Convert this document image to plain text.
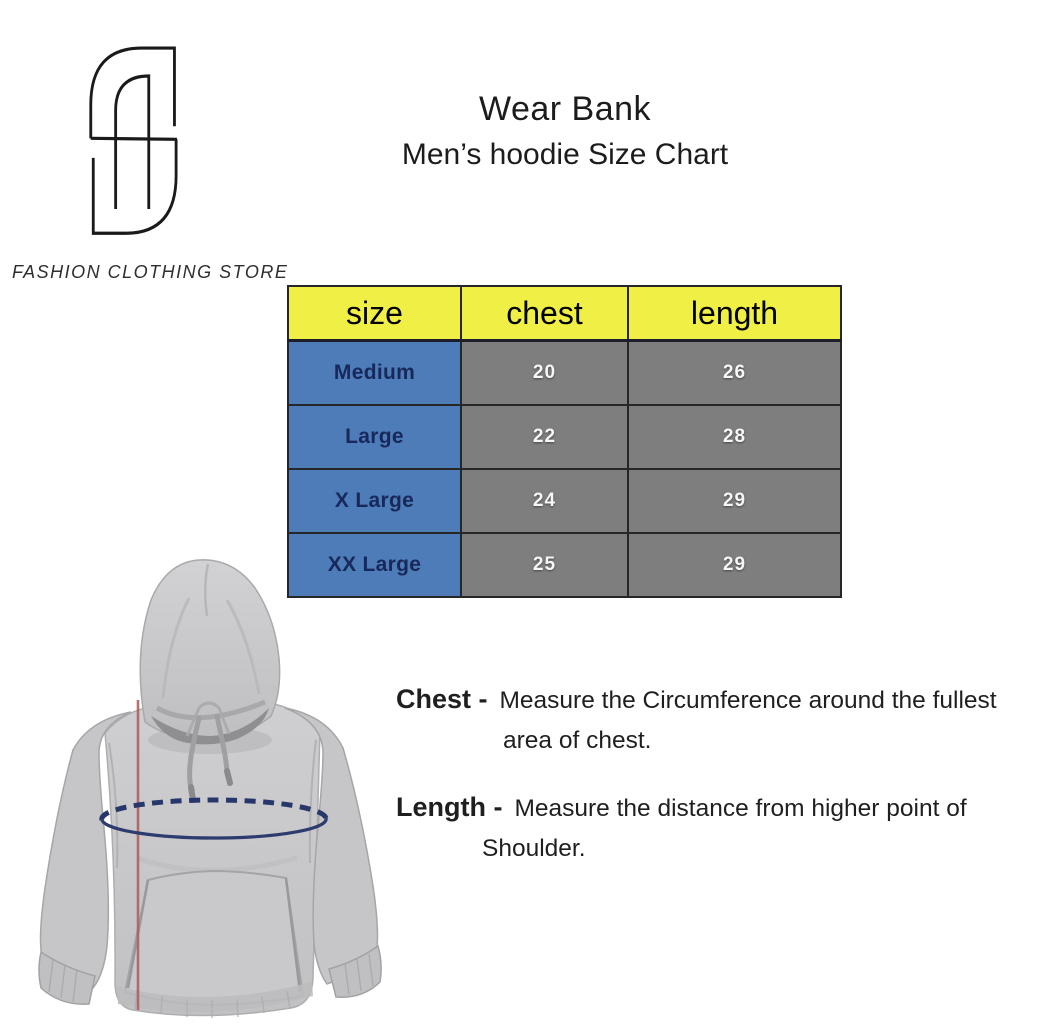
FASHION CLOTHING STORE
Wear Bank
Men’s hoodie Size Chart
size	chest	length
Medium	20	26
Large	22	28
X Large	24	29
XX Large	25	29
Chest - Measure the Circumference around the fullest
area of chest.
Length - Measure the distance from higher point of
Shoulder.
